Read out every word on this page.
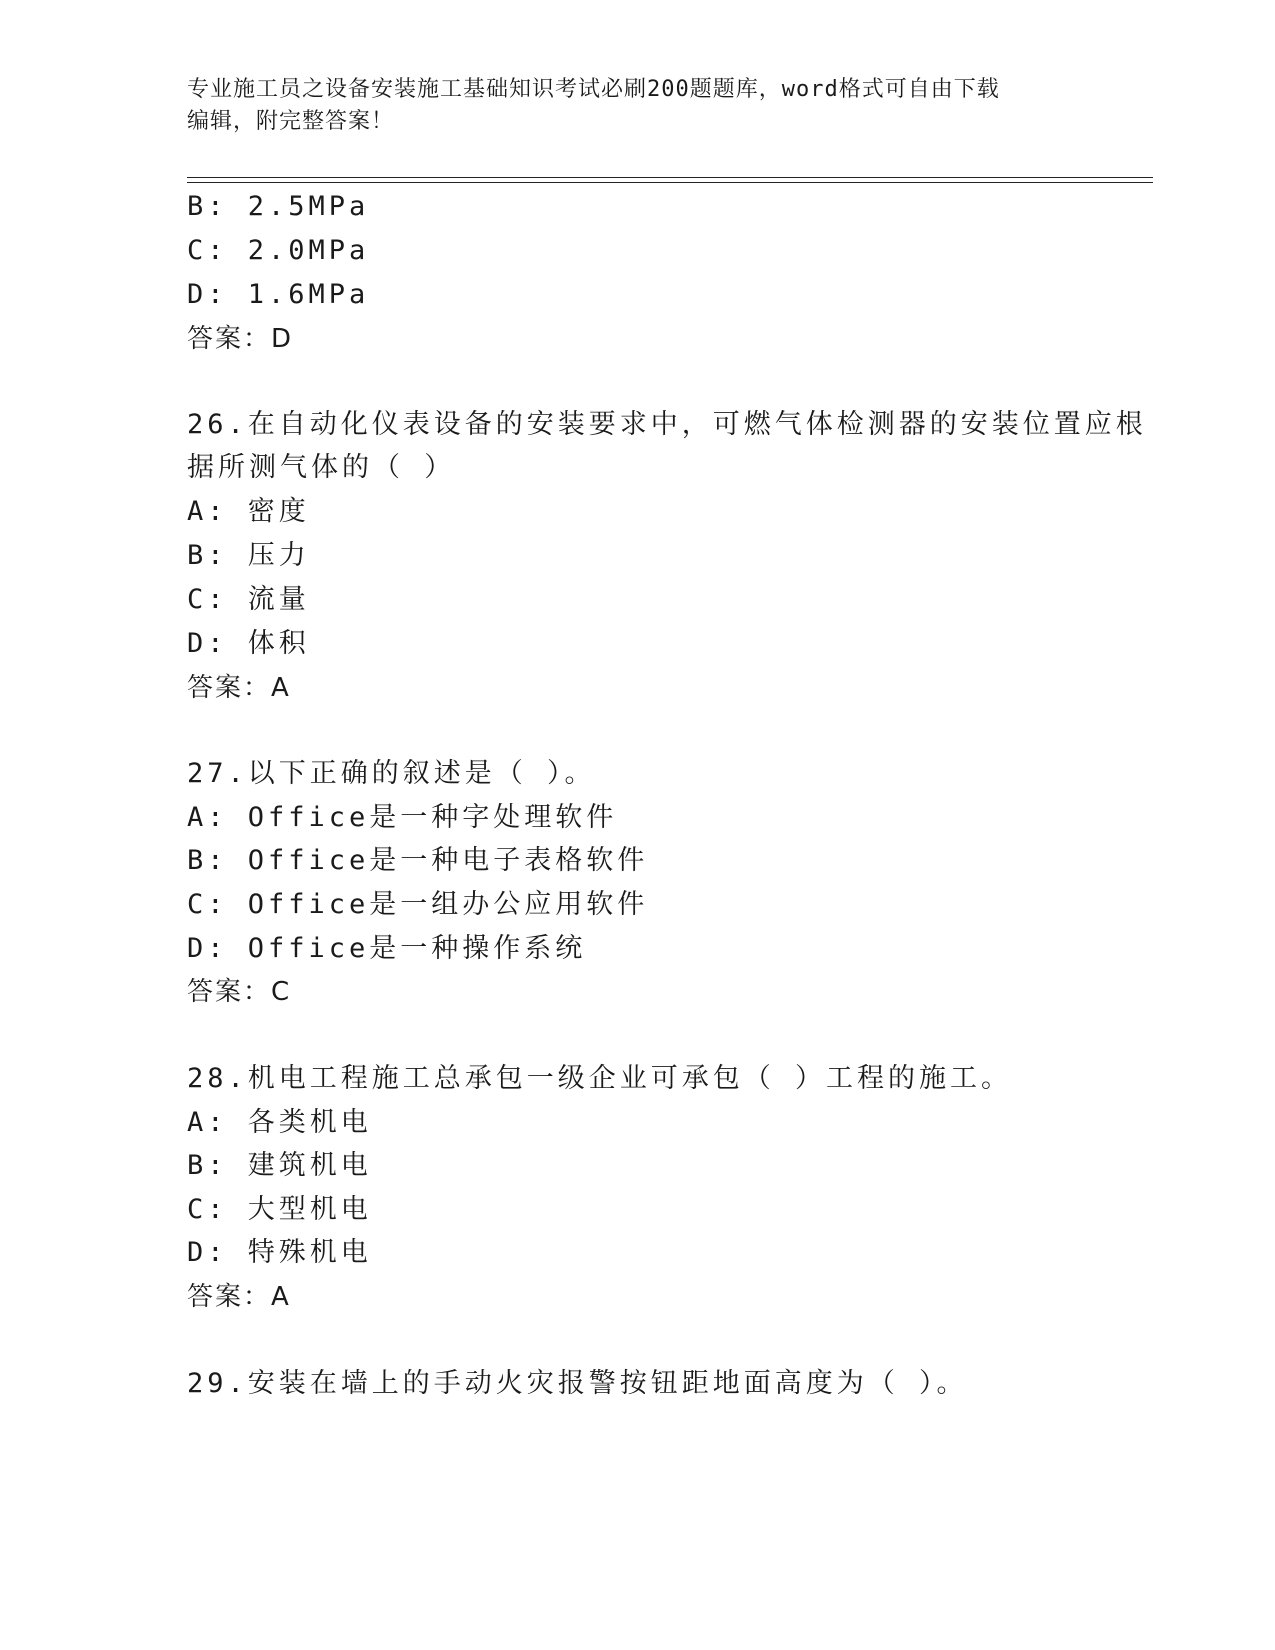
专业施工员之设备安装施工基础知识考试必刷200题题库，word格式可自由下载
编辑，附完整答案！
B: 2.5MPa
C: 2.0MPa
D: 1.6MPa
答案：D
26.在自动化仪表设备的安装要求中，可燃气体检测器的安装位置应根
据所测气体的（ ）
A: 密度
B: 压力
C: 流量
D: 体积
答案：A
27.以下正确的叙述是（ ）。
A: Office是一种字处理软件
B: Office是一种电子表格软件
C: Office是一组办公应用软件
D: Office是一种操作系统
答案：C
28.机电工程施工总承包一级企业可承包（ ）工程的施工。
A: 各类机电
B: 建筑机电
C: 大型机电
D: 特殊机电
答案：A
29.安装在墙上的手动火灾报警按钮距地面高度为（ ）。
